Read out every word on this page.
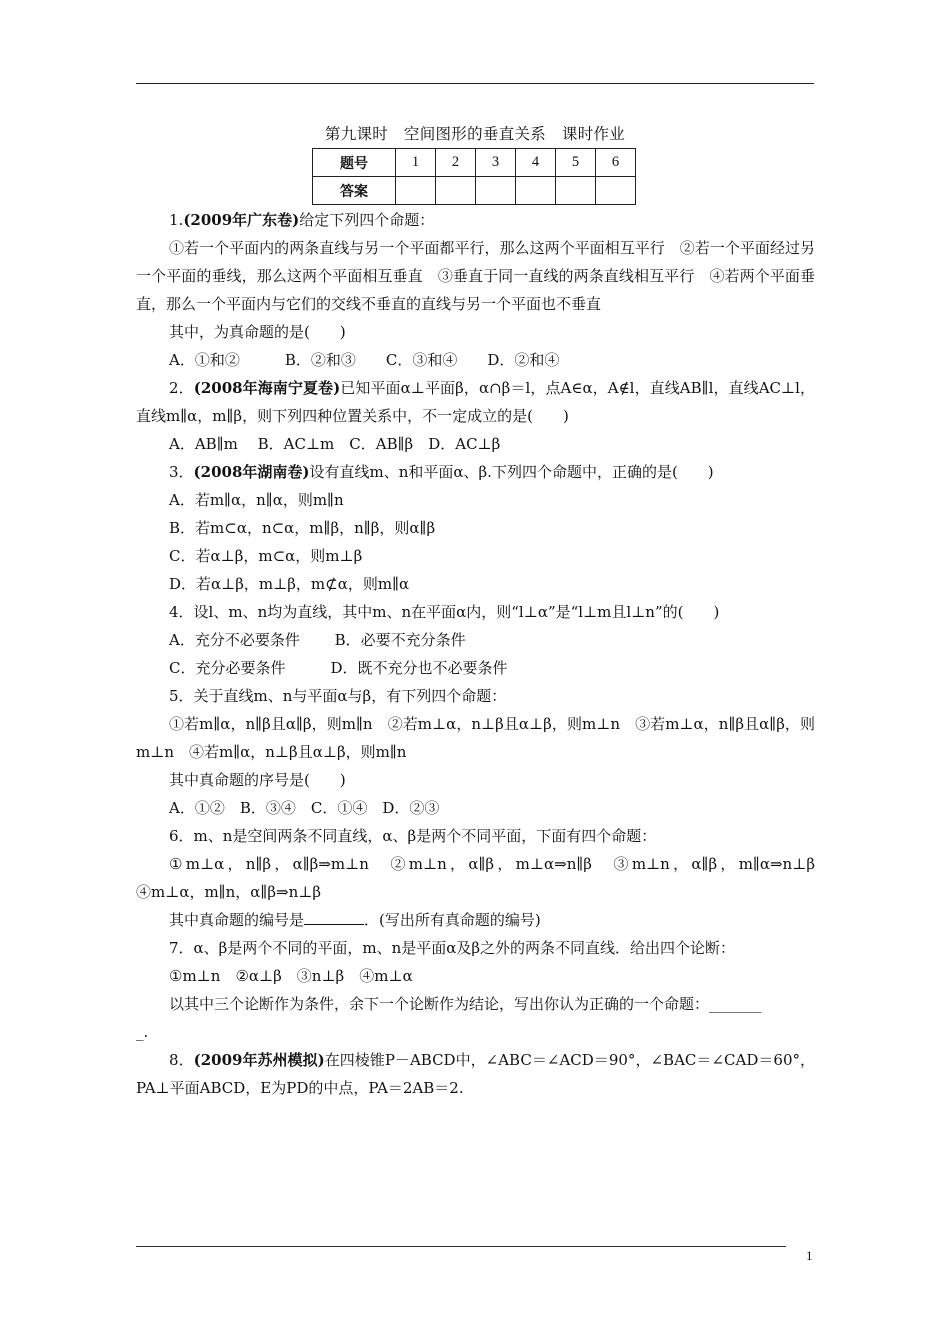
第九课时　空间图形的垂直关系　课时作业
题号	1	2	3	4	5	6
答案						

1.(2009年广东卷)给定下列四个命题：

①若一个平面内的两条直线与另一个平面都平行，那么这两个平面相互平行　②若一个平面经过另一个平面的垂线，那么这两个平面相互垂直　③垂直于同一直线的两条直线相互平行　④若两个平面垂直，那么一个平面内与它们的交线不垂直的直线与另一个平面也不垂直

其中，为真命题的是(　　)

A．①和②　　　B．②和③　　C．③和④　　D．②和④

2．(2008年海南宁夏卷)已知平面α⊥平面β，α∩β＝l，点A∈α，A∉l，直线AB∥l，直线AC⊥l，直线m∥α，m∥β，则下列四种位置关系中，不一定成立的是(　　)

A．AB∥m　 B．AC⊥m　C．AB∥β　D．AC⊥β

3．(2008年湖南卷)设有直线m、n和平面α、β.下列四个命题中，正确的是(　　)

A．若m∥α，n∥α，则m∥n

B．若m⊂α，n⊂α，m∥β，n∥β，则α∥β

C．若α⊥β，m⊂α，则m⊥β

D．若α⊥β，m⊥β，m⊄α，则m∥α

4．设l、m、n均为直线，其中m、n在平面α内，则“l⊥α”是“l⊥m且l⊥n”的(　　)

A．充分不必要条件　　 B．必要不充分条件

C．充分必要条件　　　D．既不充分也不必要条件

5．关于直线m、n与平面α与β，有下列四个命题：

①若m∥α，n∥β且α∥β，则m∥n　②若m⊥α，n⊥β且α⊥β，则m⊥n　③若m⊥α，n∥β且α∥β，则m⊥n　④若m∥α，n⊥β且α⊥β，则m∥n

其中真命题的序号是(　　)

A．①②　B．③④　C．①④　D．②③

6．m、n是空间两条不同直线，α、β是两个不同平面，下面有四个命题：

①m⊥α，n∥β，α∥β⇒m⊥n　②m⊥n，α∥β，m⊥α⇒n∥β　③m⊥n，α∥β，m∥α⇒n⊥β　④m⊥α，m∥n，α∥β⇒n⊥β

其中真命题的编号是	．(写出所有真命题的编号)

7．α、β是两个不同的平面，m、n是平面α及β之外的两条不同直线．给出四个论断：

①m⊥n　②α⊥β　③n⊥β　④m⊥α

以其中三个论断作为条件，余下一个论断作为结论，写出你认为正确的一个命题：_______

_.

8．(2009年苏州模拟)在四棱锥P－ABCD中，∠ABC＝∠ACD＝90°，∠BAC＝∠CAD＝60°，PA⊥平面ABCD，E为PD的中点，PA＝2AB＝2.

1
